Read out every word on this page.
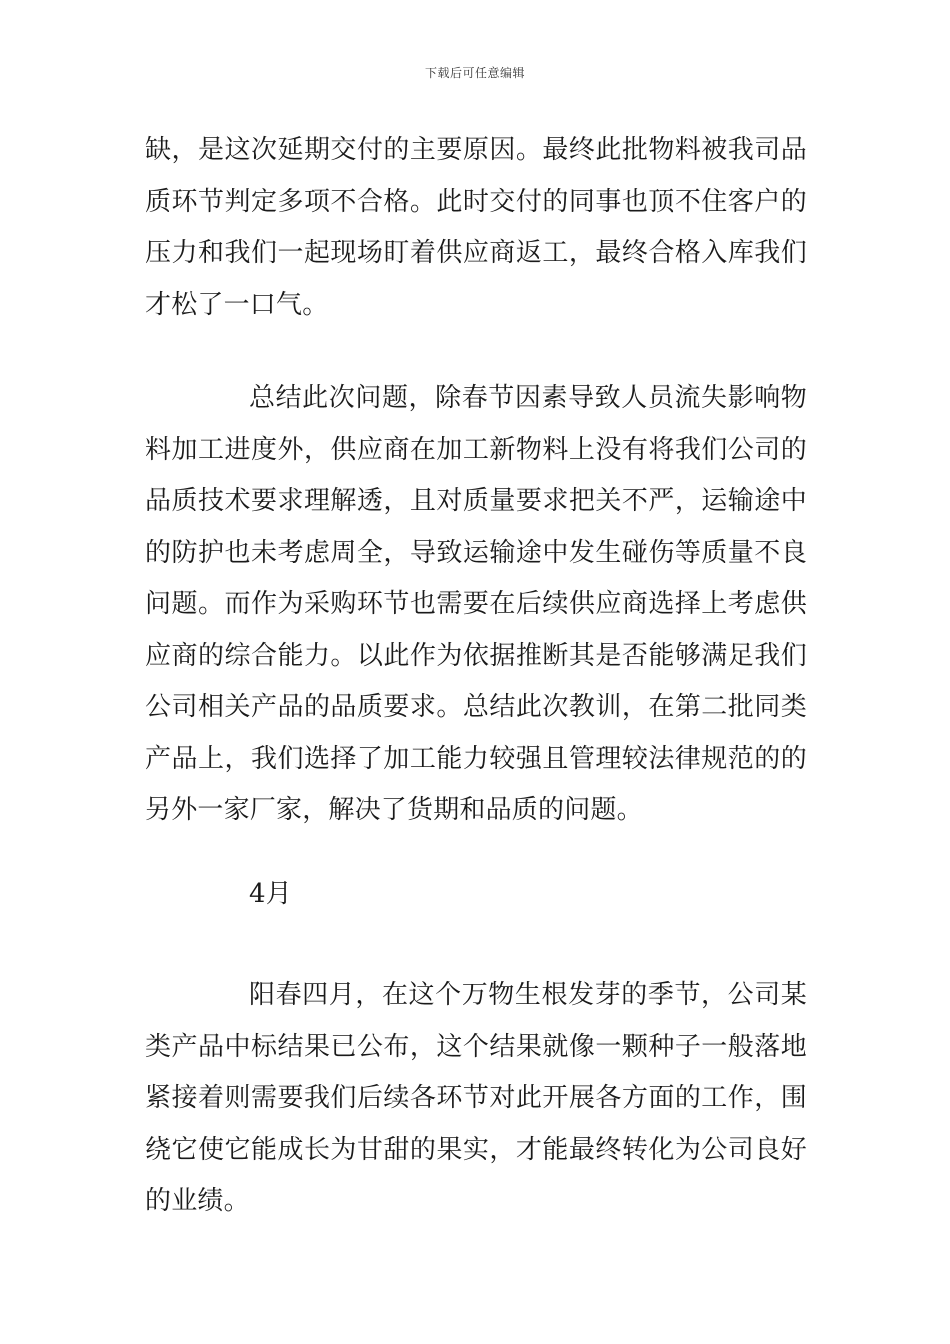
下载后可任意编辑

缺，是这次延期交付的主要原因。最终此批物料被我司品质环节判定多项不合格。此时交付的同事也顶不住客户的压力和我们一起现场盯着供应商返工，最终合格入库我们才松了一口气。

总结此次问题，除春节因素导致人员流失影响物料加工进度外，供应商在加工新物料上没有将我们公司的品质技术要求理解透，且对质量要求把关不严，运输途中的防护也未考虑周全，导致运输途中发生碰伤等质量不良问题。而作为采购环节也需要在后续供应商选择上考虑供应商的综合能力。以此作为依据推断其是否能够满足我们公司相关产品的品质要求。总结此次教训，在第二批同类产品上，我们选择了加工能力较强且管理较法律规范的的另外一家厂家，解决了货期和品质的问题。

4月

阳春四月，在这个万物生根发芽的季节，公司某类产品中标结果已公布，这个结果就像一颗种子一般落地紧接着则需要我们后续各环节对此开展各方面的工作，围绕它使它能成长为甘甜的果实，才能最终转化为公司良好的业绩。
